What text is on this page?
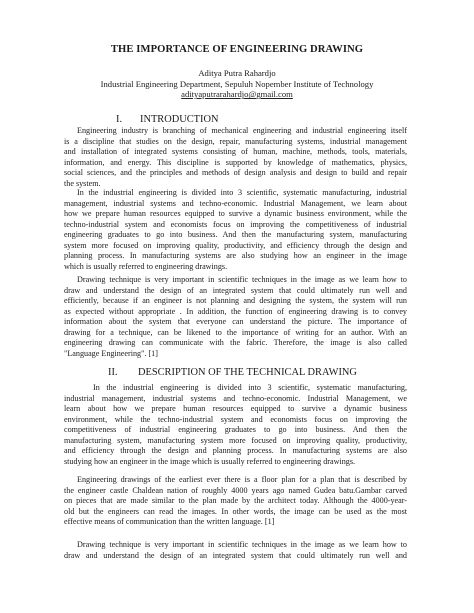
THE IMPORTANCE OF ENGINEERING DRAWING
Aditya Putra Rahardjo
Industrial Engineering Department, Sepuluh Nopember Institute of Technology
adityaputrarahardjo@gmail.com
I.	INTRODUCTION
Engineering industry is branching of mechanical engineering and industrial engineering itself
is a discipline that studies on the design, repair, manufacturing systems, industrial management
and installation of integrated systems consisting of human, machine, methods, tools, materials,
information, and energy. This discipline is supported by knowledge of mathematics, physics,
social sciences, and the principles and methods of design analysis and design to build and repair
the system.
In the industrial engineering is divided into 3 scientific, systematic manufacturing, industrial
management, industrial systems and techno-economic. Industrial Management, we learn about
how we prepare human resources equipped to survive a dynamic business environment, while the
techno-industrial system and economists focus on improving the competitiveness of industrial
engineering graduates to go into business. And then the manufacturing system, manufacturing
system more focused on improving quality, productivity, and efficiency through the design and
planning process. In manufacturing systems are also studying how an engineer in the image
which is usually referred to engineering drawings.
Drawing technique is very important in scientific techniques in the image as we learn how to
draw and understand the design of an integrated system that could ultimately run well and
efficiently, because if an engineer is not planning and designing the system, the system will run
as expected without appropriate . In addition, the function of engineering drawing is to convey
information about the system that everyone can understand the picture. The importance of
drawing for a technique, can be likened to the importance of writing for an author. With an
engineering drawing can communicate with the fabric. Therefore, the image is also called
"Language Engineering". [1]
II.	DESCRIPTION OF THE TECHNICAL DRAWING
In the industrial engineering is divided into 3 scientific, systematic manufacturing,
industrial management, industrial systems and techno-economic. Industrial Management, we
learn about how we prepare human resources equipped to survive a dynamic business
environment, while the techno-industrial system and economists focus on improving the
competitiveness of industrial engineering graduates to go into business. And then the
manufacturing system, manufacturing system more focused on improving quality, productivity,
and efficiency through the design and planning process. In manufacturing systems are also
studying how an engineer in the image which is usually referred to engineering drawings.
Engineering drawings of the earliest ever there is a floor plan for a plan that is described by
the engineer castle Chaldean nation of roughly 4000 years ago named Gudea batu.Gambar carved
on pieces that are made similar to the plan made by the architect today. Although the 4000-year-
old but the engineers can read the images. In other words, the image can be used as the most
effective means of communication than the written language. [1]
Drawing technique is very important in scientific techniques in the image as we learn how to
draw and understand the design of an integrated system that could ultimately run well and
